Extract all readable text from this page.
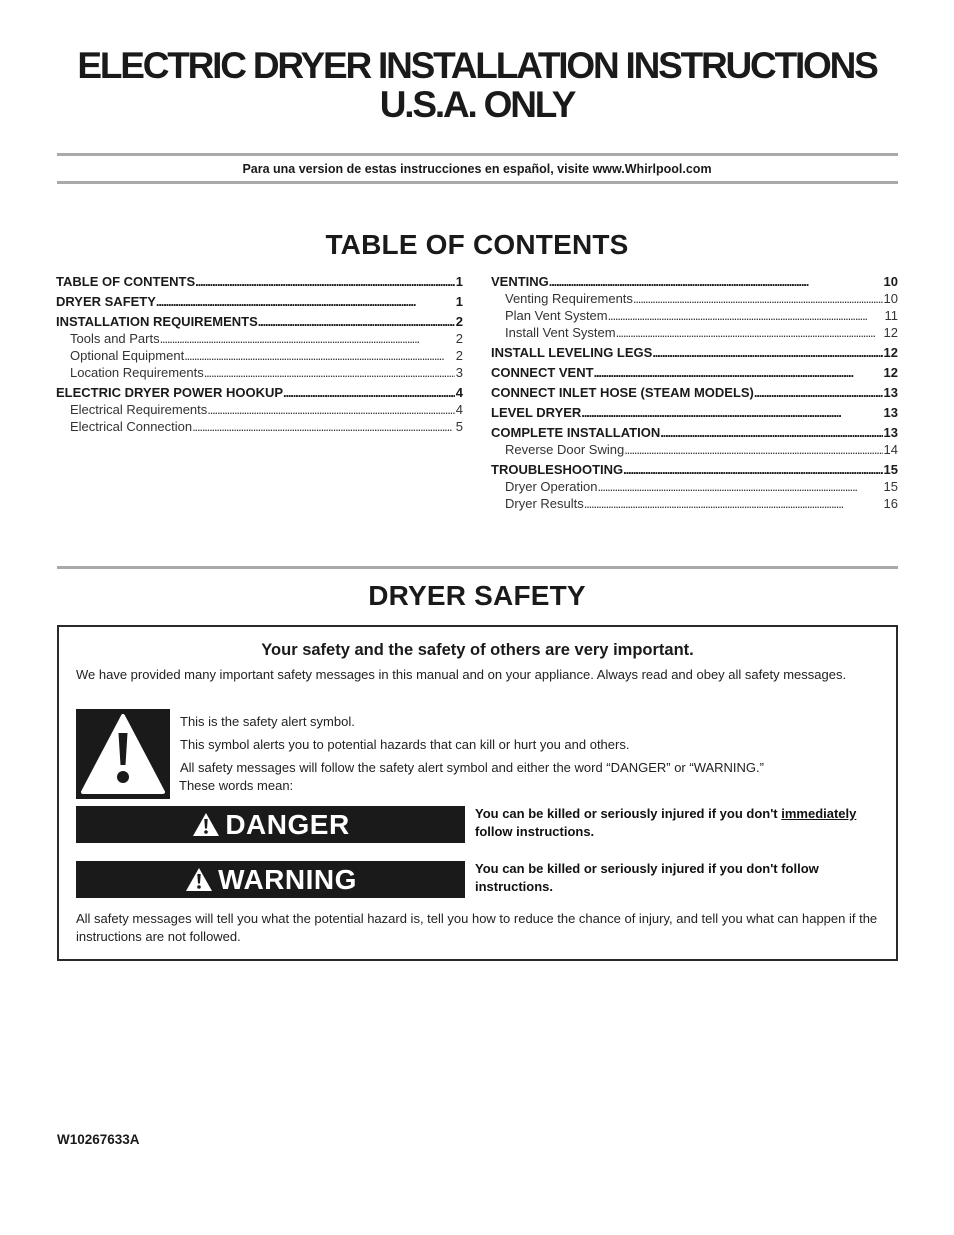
ELECTRIC DRYER INSTALLATION INSTRUCTIONS
U.S.A. ONLY
Para una version de estas instrucciones en español, visite www.Whirlpool.com
TABLE OF CONTENTS
TABLE OF CONTENTS . . .	1
DRYER SAFETY . . .	1
INSTALLATION REQUIREMENTS . . .	2
Tools and Parts . . .	2
Optional Equipment . . .	2
Location Requirements . . .	3
ELECTRIC DRYER POWER HOOKUP . . .	4
Electrical Requirements . . .	4
Electrical Connection . . .	5
VENTING . . .	10
Venting Requirements . . .	10
Plan Vent System . . .	11
Install Vent System . . .	12
INSTALL LEVELING LEGS . . .	12
CONNECT VENT . . .	12
CONNECT INLET HOSE (STEAM MODELS) . . .	13
LEVEL DRYER . . .	13
COMPLETE INSTALLATION . . .	13
Reverse Door Swing . . .	14
TROUBLESHOOTING . . .	15
Dryer Operation . . .	15
Dryer Results . . .	16
DRYER SAFETY
Your safety and the safety of others are very important.
We have provided many important safety messages in this manual and on your appliance. Always read and obey all safety messages.
This is the safety alert symbol.
This symbol alerts you to potential hazards that can kill or hurt you and others.
All safety messages will follow the safety alert symbol and either the word “DANGER” or “WARNING.”
These words mean:
DANGER	You can be killed or seriously injured if you don't immediately follow instructions.
WARNING	You can be killed or seriously injured if you don't follow instructions.
All safety messages will tell you what the potential hazard is, tell you how to reduce the chance of injury, and tell you what can happen if the instructions are not followed.
W10267633A
